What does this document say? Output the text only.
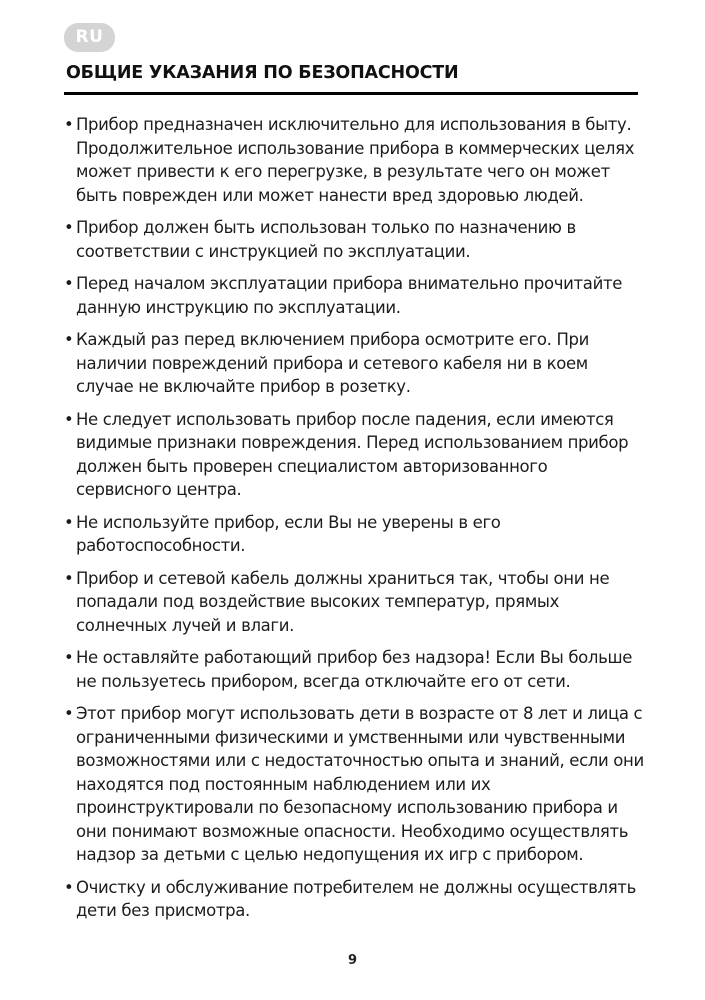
RU
ОБЩИЕ УКАЗАНИЯ ПО БЕЗОПАСНОСТИ
• Прибор предназначен исключительно для использования в быту. Продолжительное использование прибора в коммерческих целях может привести к его перегрузке, в результате чего он может быть поврежден или может нанести вред здоровью людей.
• Прибор должен быть использован только по назначению в соответствии с инструкцией по эксплуатации.
• Перед началом эксплуатации прибора внимательно прочитайте данную инструкцию по эксплуатации.
• Каждый раз перед включением прибора осмотрите его. При наличии повреждений прибора и сетевого кабеля ни в коем случае не включайте прибор в розетку.
• Не следует использовать прибор после падения, если имеются видимые признаки повреждения. Перед использованием прибор должен быть проверен специалистом авторизованного сервисного центра.
• Не используйте прибор, если Вы не уверены в его работоспособности.
• Прибор и сетевой кабель должны храниться так, чтобы они не попадали под воздействие высоких температур, прямых солнечных лучей и влаги.
• Не оставляйте работающий прибор без надзора! Если Вы больше не пользуетесь прибором, всегда отключайте его от сети.
• Этот прибор могут использовать дети в возрасте от 8 лет и лица с ограниченными физическими и умственными или чувственными возможностями или с недостаточностью опыта и знаний, если они находятся под постоянным наблюдением или их проинструктировали по безопасному использованию прибора и они понимают возможные опасности. Необходимо осуществлять надзор за детьми с целью недопущения их игр с прибором.
• Очистку и обслуживание потребителем не должны осуществлять дети без присмотра.
9
